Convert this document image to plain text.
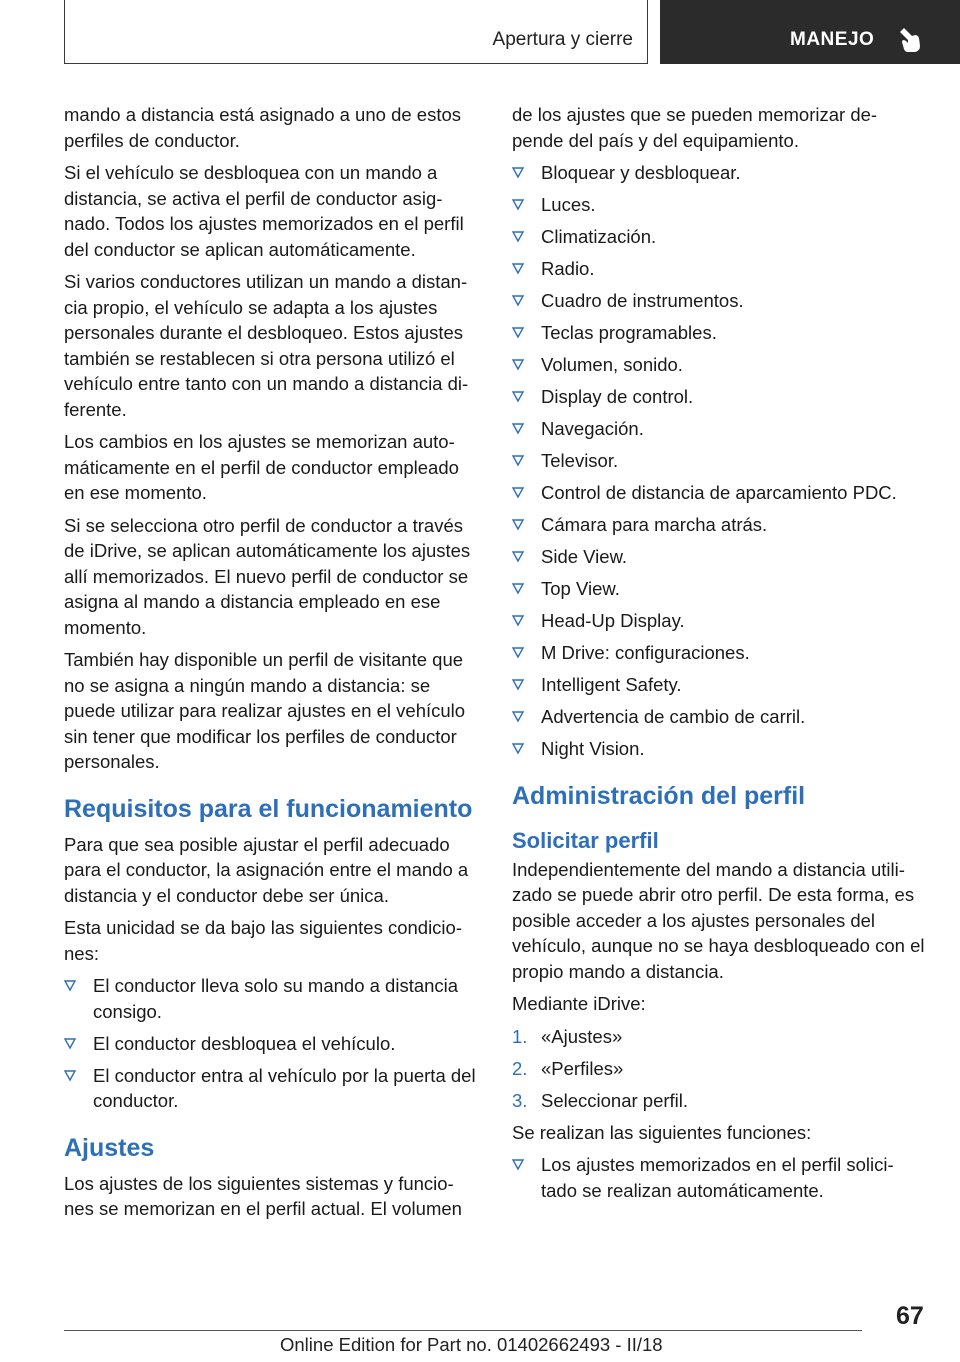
Apertura y cierre	MANEJO

mando a distancia está asignado a uno de estos perfiles de conductor.

Si el vehículo se desbloquea con un mando a distancia, se activa el perfil de conductor asig‐nado. Todos los ajustes memorizados en el perfil del conductor se aplican automáticamente.

Si varios conductores utilizan un mando a distan‐cia propio, el vehículo se adapta a los ajustes personales durante el desbloqueo. Estos ajustes también se restablecen si otra persona utilizó el vehículo entre tanto con un mando a distancia di‐ferente.

Los cambios en los ajustes se memorizan auto‐máticamente en el perfil de conductor empleado en ese momento.

Si se selecciona otro perfil de conductor a través de iDrive, se aplican automáticamente los ajustes allí memorizados. El nuevo perfil de conductor se asigna al mando a distancia empleado en ese momento.

También hay disponible un perfil de visitante que no se asigna a ningún mando a distancia: se puede utilizar para realizar ajustes en el vehículo sin tener que modificar los perfiles de conductor personales.

Requisitos para el funcionamiento

Para que sea posible ajustar el perfil adecuado para el conductor, la asignación entre el mando a distancia y el conductor debe ser única.

Esta unicidad se da bajo las siguientes condicio‐nes:

El conductor lleva solo su mando a distancia consigo.
El conductor desbloquea el vehículo.
El conductor entra al vehículo por la puerta del conductor.
Ajustes

Los ajustes de los siguientes sistemas y funcio‐nes se memorizan en el perfil actual. El volumen

de los ajustes que se pueden memorizar de‐pende del país y del equipamiento.

Bloquear y desbloquear.
Luces.
Climatización.
Radio.
Cuadro de instrumentos.
Teclas programables.
Volumen, sonido.
Display de control.
Navegación.
Televisor.
Control de distancia de aparcamiento PDC.
Cámara para marcha atrás.
Side View.
Top View.
Head-Up Display.
M Drive: configuraciones.
Intelligent Safety.
Advertencia de cambio de carril.
Night Vision.
Administración del perfil
Solicitar perfil

Independientemente del mando a distancia utili‐zado se puede abrir otro perfil. De esta forma, es posible acceder a los ajustes personales del vehículo, aunque no se haya desbloqueado con el propio mando a distancia.

Mediante iDrive:

1. «Ajustes»
2. «Perfiles»
3. Seleccionar perfil.

Se realizan las siguientes funciones:

Los ajustes memorizados en el perfil solici‐tado se realizan automáticamente.
67
Online Edition for Part no. 01402662493 - II/18
